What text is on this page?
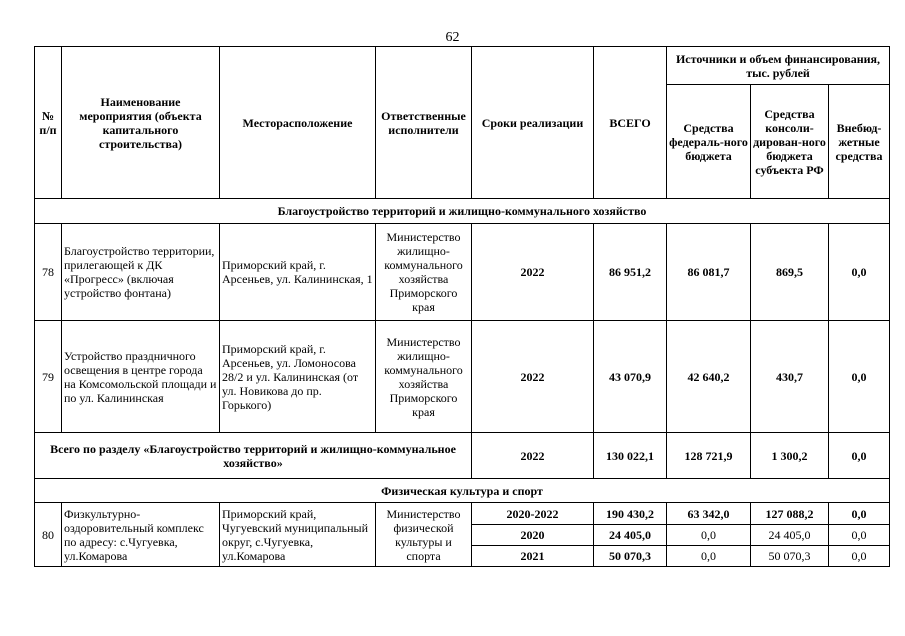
62
№ п/п	Наименование мероприятия (объекта капитального строительства)	Месторасположение	Ответственные исполнители	Сроки реализации	ВСЕГО	Источники и объем финансирования, тыс. рублей		
						Средства федераль-ного бюджета	Средства консоли-дирован-ного бюджета субъекта РФ	Внебюд-жетные средства
Благоустройство территорий и жилищно-коммунального хозяйство								
78	Благоустройство территории, прилегающей к ДК «Прогресс» (включая устройство фонтана)	Приморский край, г. Арсеньев, ул. Калининская, 1	Министерство жилищно-коммунального хозяйства Приморского края	2022	86 951,2	86 081,7	869,5	0,0
79	Устройство праздничного освещения в центре города на Комсомольской площади и по ул. Калининская	Приморский край, г. Арсеньев, ул. Ломоносова 28/2 и ул. Калининская (от ул. Новикова до пр. Горького)	Министерство жилищно-коммунального хозяйства Приморского края	2022	43 070,9	42 640,2	430,7	0,0
Всего по разделу «Благоустройство территорий и жилищно-коммунальное хозяйство»				2022	130 022,1	128 721,9	1 300,2	0,0
Физическая культура и спорт								
80	Физкультурно-оздоровительный комплекс по адресу: с.Чугуевка, ул.Комарова	Приморский край, Чугуевский муниципальный округ, с.Чугуевка, ул.Комарова	Министерство физической культуры и спорта	2020-2022	190 430,2	63 342,0	127 088,2	0,0
				2020	24 405,0	0,0	24 405,0	0,0
				2021	50 070,3	0,0	50 070,3	0,0
